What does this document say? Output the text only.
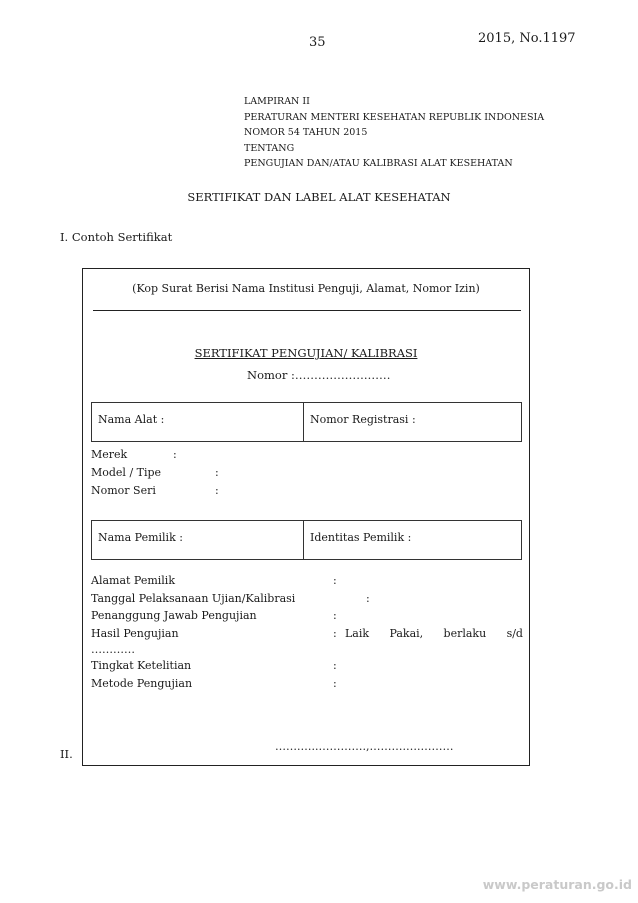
35	2015, No.1197
LAMPIRAN II
PERATURAN MENTERI KESEHATAN REPUBLIK INDONESIA
NOMOR 54 TAHUN 2015
TENTANG
PENGUJIAN DAN/ATAU KALIBRASI ALAT KESEHATAN
SERTIFIKAT DAN LABEL ALAT KESEHATAN
I. Contoh Sertifikat
II.
(Kop Surat Berisi Nama Institusi Penguji, Alamat, Nomor Izin)
SERTIFIKAT PENGUJIAN/ KALIBRASI
Nomor :……………….……
Nama Alat :	Nomor Registrasi :
Merek	:
Model / Tipe	:
Nomor Seri	:
Nama Pemilik :	Identitas Pemilik :
Alamat Pemilik	:
Tanggal Pelaksanaan Ujian/Kalibrasi	:
Penanggung Jawab Pengujian	:
Hasil Pengujian	: Laik Pakai, berlaku s/d
…………
Tingkat Ketelitian	:
Metode Pengujian	:
…….…..………….,……….….………
www.peraturan.go.id
